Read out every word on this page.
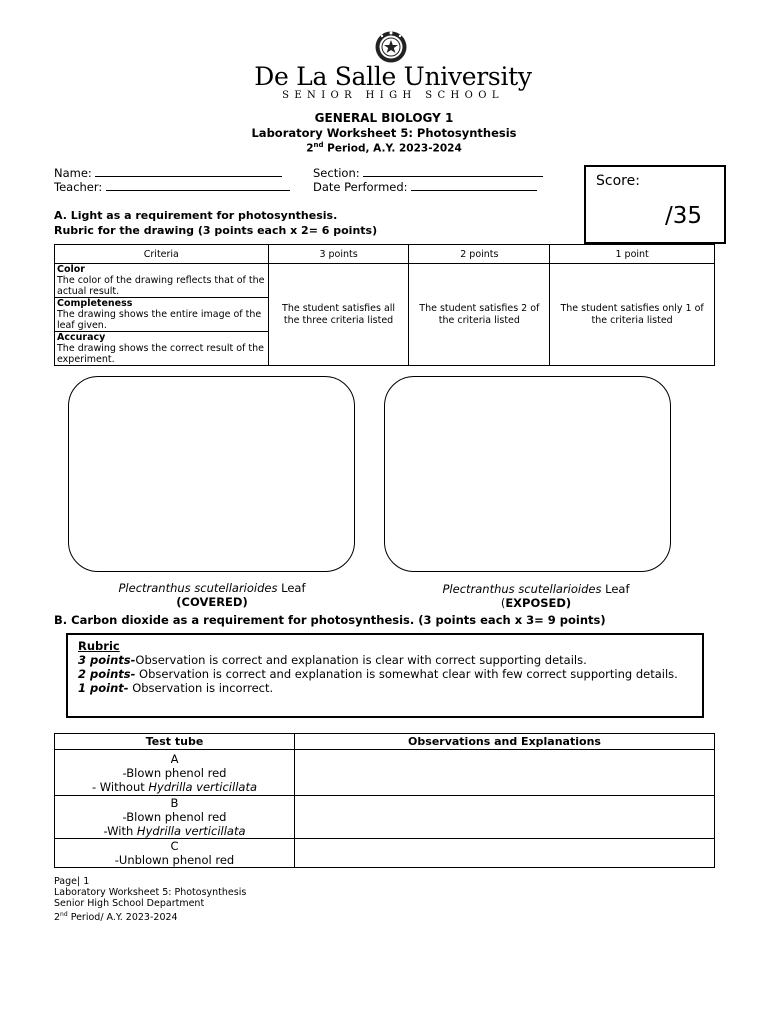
De La Salle University
SENIOR HIGH SCHOOL
GENERAL BIOLOGY 1
Laboratory Worksheet 5: Photosynthesis
2nd Period, A.Y. 2023-2024
Name:	Section:
Teacher:	Date Performed:	Score:
/35
A. Light as a requirement for photosynthesis.
Rubric for the drawing (3 points each x 2= 6 points)
Criteria	3 points	2 points	1 point

Color
The color of the drawing reflects that of the actual result.	The student satisfies all the three criteria listed	The student satisfies 2 of the criteria listed	The student satisfies only 1 of the criteria listed

Completeness
The drawing shows the entire image of the leaf given.			

Accuracy
The drawing shows the correct result of the experiment.			
Plectranthus scutellarioides Leaf
(COVERED)
Plectranthus scutellarioides Leaf
(EXPOSED)
B. Carbon dioxide as a requirement for photosynthesis. (3 points each x 3= 9 points)
Rubric
3 points-Observation is correct and explanation is clear with correct supporting details.
2 points- Observation is correct and explanation is somewhat clear with few correct supporting details.
1 point- Observation is incorrect.
Test tube	Observations and Explanations

A
-Blown phenol red
- Without Hydrilla verticillata	

B
-Blown phenol red
-With Hydrilla verticillata	

C
-Unblown phenol red	

Page| 1
Laboratory Worksheet 5: Photosynthesis
Senior High School Department
2nd Period/ A.Y. 2023-2024
